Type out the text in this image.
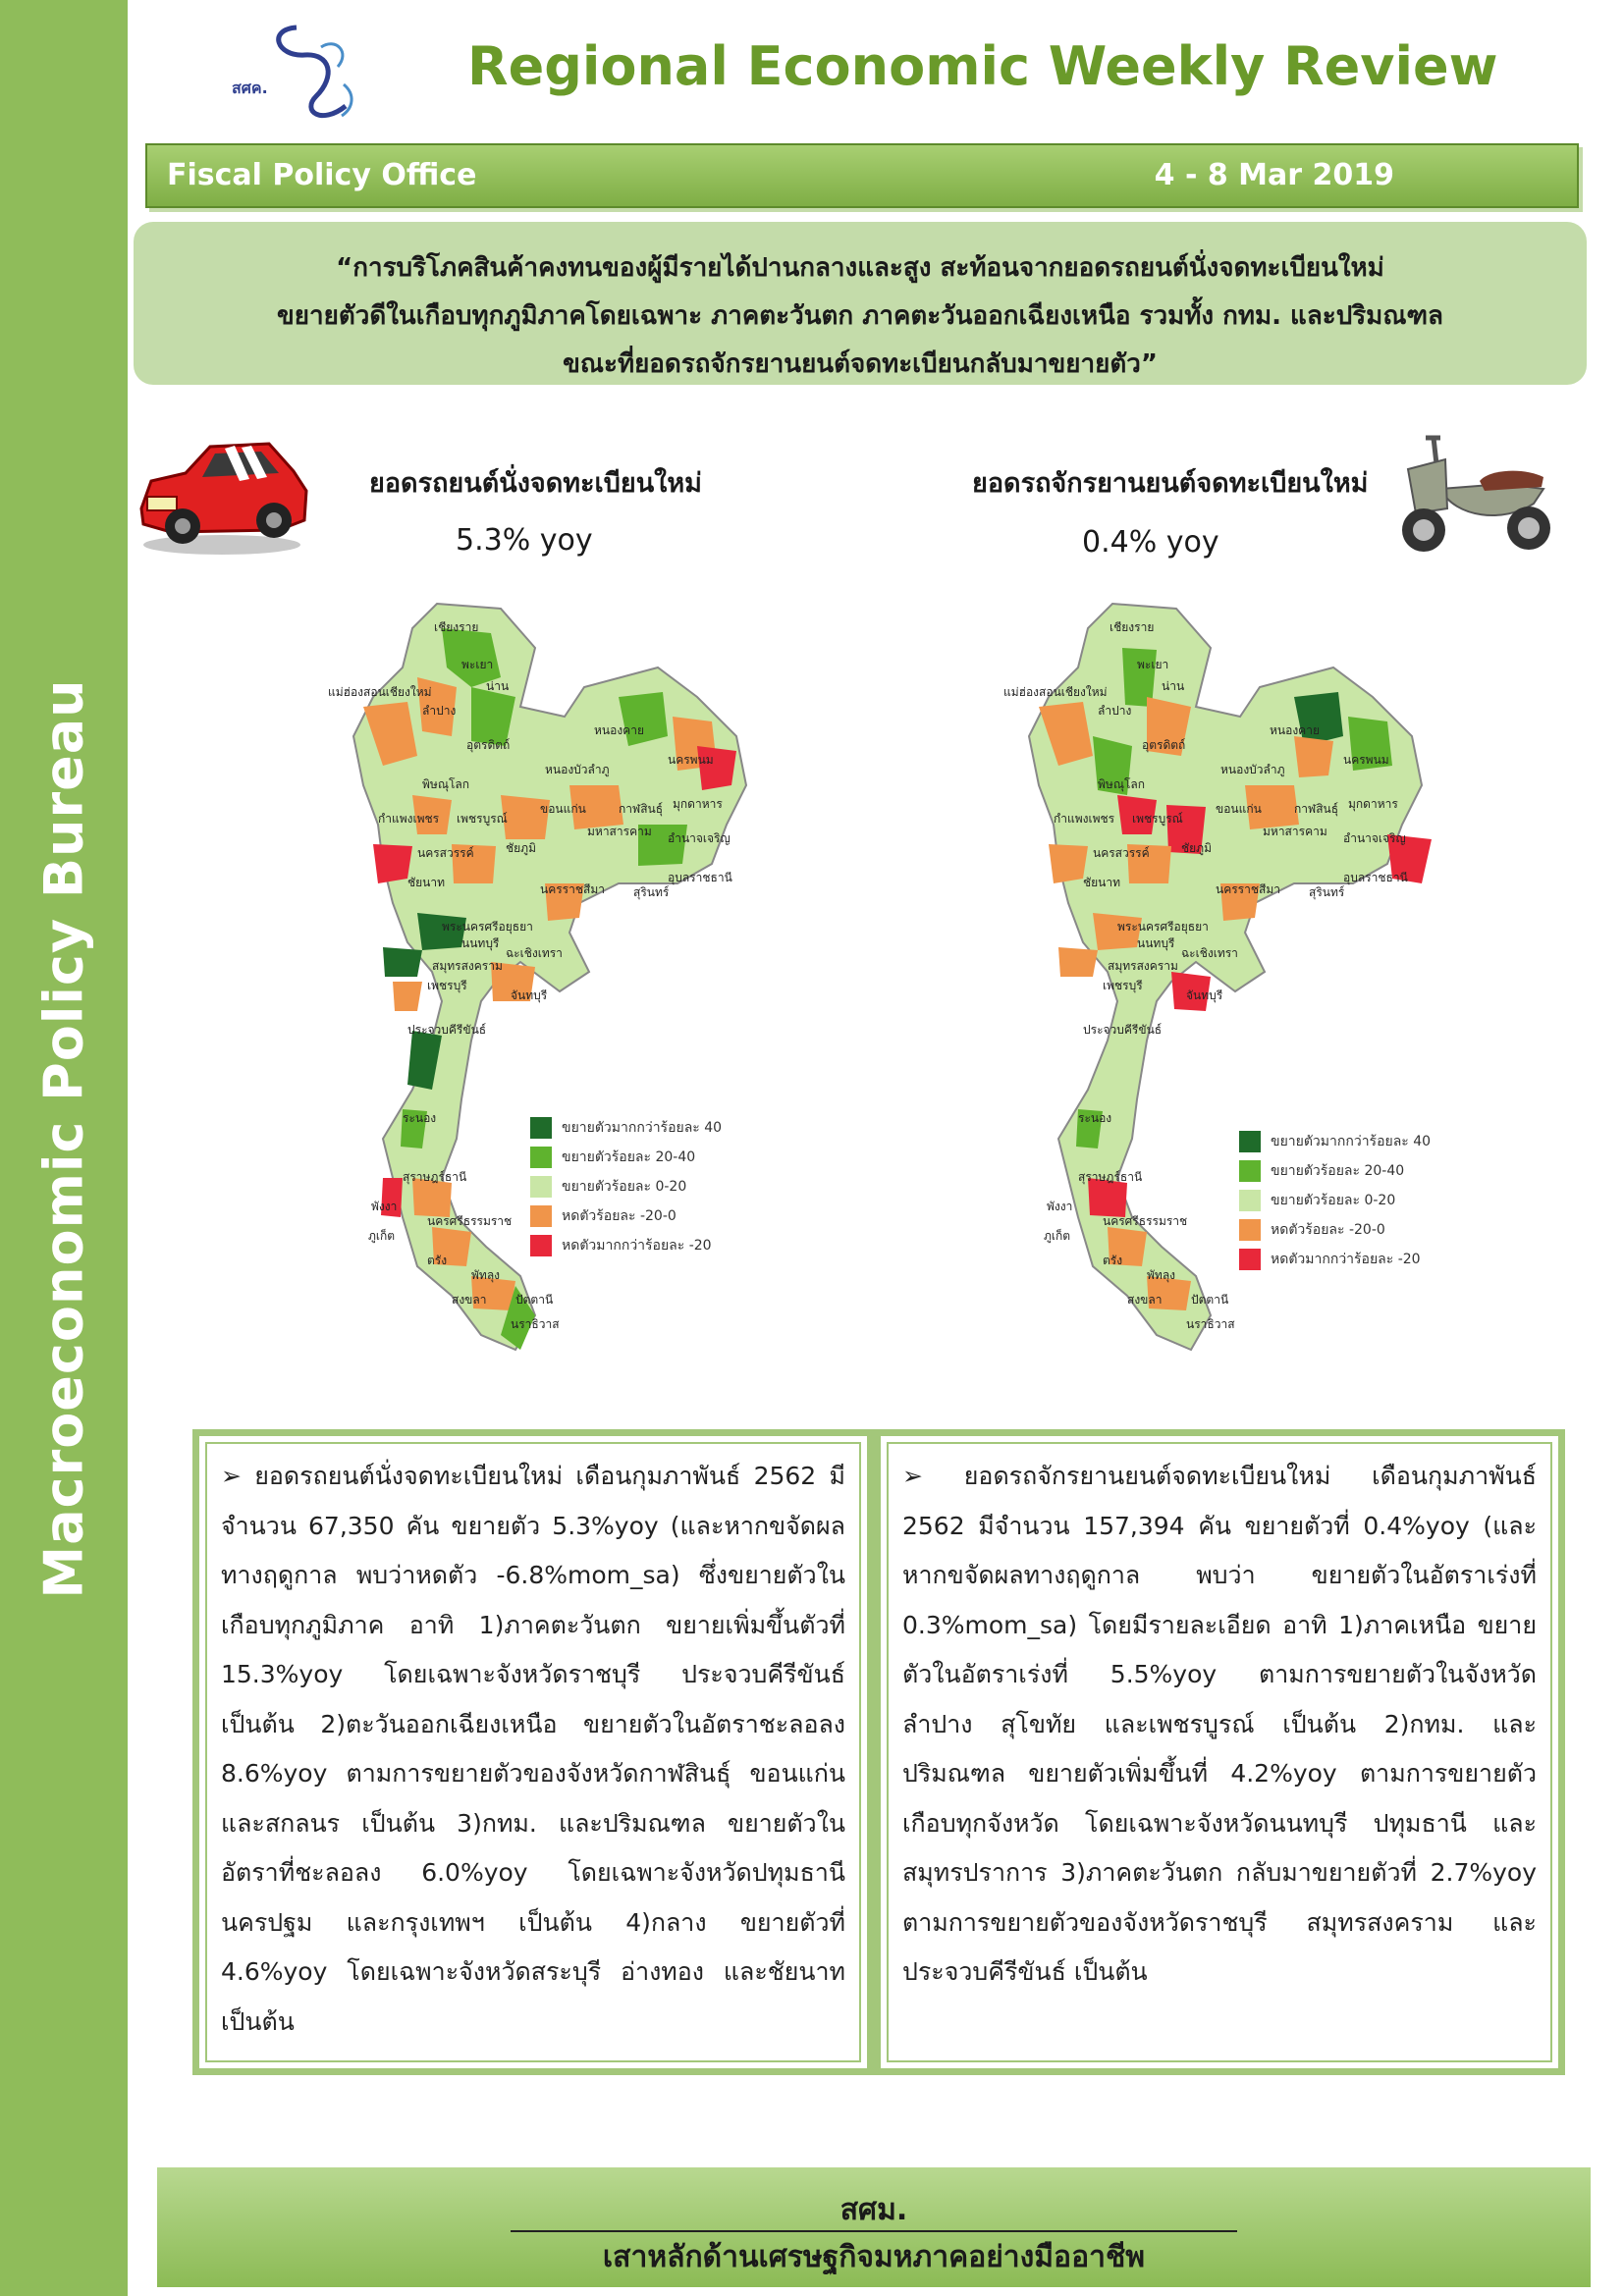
Macroeconomic Policy Bureau
สศค.	Regional Economic Weekly Review
Fiscal Policy Office	4 - 8 Mar 2019
“การบริโภคสินค้าคงทนของผู้มีรายได้ปานกลางและสูง สะท้อนจากยอดรถยนต์นั่งจดทะเบียนใหม่
ขยายตัวดีในเกือบทุกภูมิภาคโดยเฉพาะ ภาคตะวันตก ภาคตะวันออกเฉียงเหนือ รวมทั้ง กทม. และปริมณฑล
ขณะที่ยอดรถจักรยานยนต์จดทะเบียนกลับมาขยายตัว”
ยอดรถยนต์นั่งจดทะเบียนใหม่
5.3% yoy
ยอดรถจักรยานยนต์จดทะเบียนใหม่
0.4% yoy
เชียงราย
พะเยา
น่าน
แม่ฮ่องสอนเชียงใหม่
ลำปาง
อุตรดิตถ์
หนองคาย
หนองบัวลำภู
นครพนม
พิษณุโลก
กำแพงเพชร เพชรบูรณ์
ขอนแก่น	กาฬสินธุ์ มุกดาหาร
นครสวรรค์
มหาสารคาม อำนาจเจริญ
ชัยนาท
ชัยภูมิ
นครราชสีมา สุรินทร์
อุบลราชธานี
พระนครศรีอยุธยา
นนทบุรี
สมุทรสงคราม
ฉะเชิงเทรา
เพชรบุรี
จันทบุรี
ประจวบคีรีขันธ์
ระนอง
สุราษฎร์ธานี
พังงา
ภูเก็ต
นครศรีธรรมราช
ตรัง
พัทลุง
สงขลา ปัตตานี
นราธิวาส
ขยายตัวมากกว่าร้อยละ 40
ขยายตัวร้อยละ 20-40
ขยายตัวร้อยละ 0-20
หดตัวร้อยละ -20-0
หดตัวมากกว่าร้อยละ -20
เชียงราย
พะเยา
น่าน
แม่ฮ่องสอนเชียงใหม่
ลำปาง
อุตรดิตถ์
หนองคาย
หนองบัวลำภู
นครพนม
พิษณุโลก
กำแพงเพชร เพชรบูรณ์
ขอนแก่น	กาฬสินธุ์ มุกดาหาร
นครสวรรค์
มหาสารคาม อำนาจเจริญ
ชัยนาท
ชัยภูมิ
นครราชสีมา สุรินทร์
อุบลราชธานี
พระนครศรีอยุธยา
นนทบุรี
สมุทรสงคราม
ฉะเชิงเทรา
เพชรบุรี
จันทบุรี
ประจวบคีรีขันธ์
ระนอง
สุราษฎร์ธานี
พังงา
ภูเก็ต
นครศรีธรรมราช
ตรัง
พัทลุง
สงขลา ปัตตานี
นราธิวาส
ขยายตัวมากกว่าร้อยละ 40
ขยายตัวร้อยละ 20-40
ขยายตัวร้อยละ 0-20
หดตัวร้อยละ -20-0
หดตัวมากกว่าร้อยละ -20
➢ ยอดรถยนต์นั่งจดทะเบียนใหม่ เดือนกุมภาพันธ์ 2562 มีจำนวน 67,350 คัน ขยายตัว 5.3%yoy (และหากขจัดผลทางฤดูกาล พบว่าหดตัว -6.8%mom_sa) ซึ่งขยายตัวในเกือบทุกภูมิภาค อาทิ 1)ภาคตะวันตก ขยายเพิ่มขึ้นตัวที่ 15.3%yoy โดยเฉพาะจังหวัดราชบุรี ประจวบคีรีขันธ์ เป็นต้น 2)ตะวันออกเฉียงเหนือ ขยายตัวในอัตราชะลอลง 8.6%yoy ตามการขยายตัวของจังหวัดกาฬสินธุ์ ขอนแก่น และสกลนร เป็นต้น 3)กทม. และปริมณฑล ขยายตัวในอัตราที่ชะลอลง 6.0%yoy โดยเฉพาะจังหวัดปทุมธานี นครปฐม และกรุงเทพฯ เป็นต้น 4)กลาง ขยายตัวที่ 4.6%yoy โดยเฉพาะจังหวัดสระบุรี อ่างทอง และชัยนาท เป็นต้น
➢ ยอดรถจักรยานยนต์จดทะเบียนใหม่ เดือนกุมภาพันธ์ 2562 มีจำนวน 157,394 คัน ขยายตัวที่ 0.4%yoy (และหากขจัดผลทางฤดูกาล พบว่า ขยายตัวในอัตราเร่งที่ 0.3%mom_sa) โดยมีรายละเอียด อาทิ 1)ภาคเหนือ ขยายตัวในอัตราเร่งที่ 5.5%yoy ตามการขยายตัวในจังหวัดลำปาง สุโขทัย และเพชรบูรณ์ เป็นต้น 2)กทม. และปริมณฑล ขยายตัวเพิ่มขึ้นที่ 4.2%yoy ตามการขยายตัวเกือบทุกจังหวัด โดยเฉพาะจังหวัดนนทบุรี ปทุมธานี และสมุทรปราการ 3)ภาคตะวันตก กลับมาขยายตัวที่ 2.7%yoy ตามการขยายตัวของจังหวัดราชบุรี สมุทรสงคราม และประจวบคีรีขันธ์ เป็นต้น
สศม.
เสาหลักด้านเศรษฐกิจมหภาคอย่างมืออาชีพ
